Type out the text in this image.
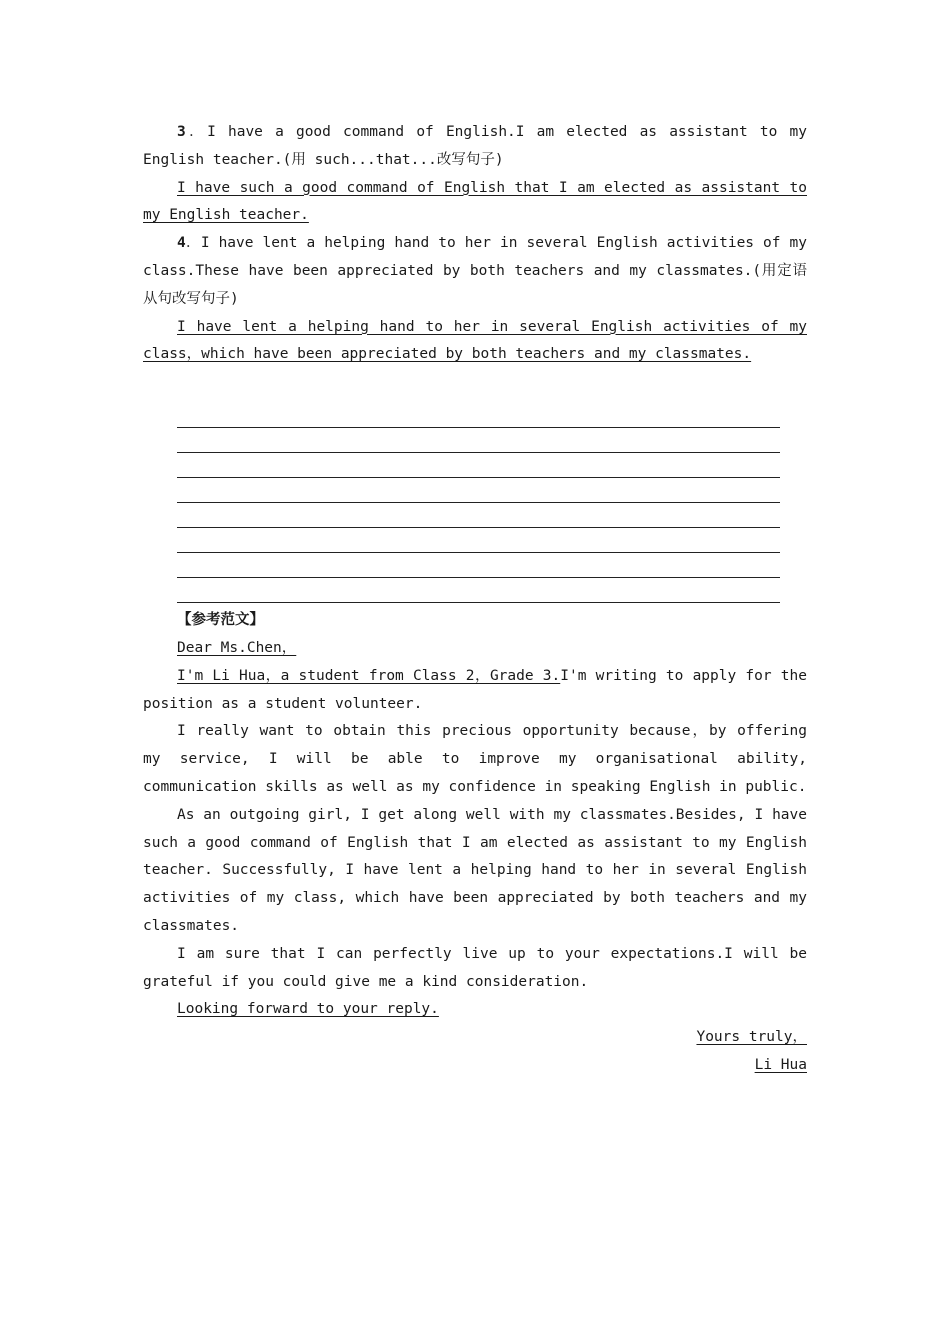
3．I have a good command of English.I am elected as assistant to my English teacher.(用 such...that...改写句子)

I have such a good command of English that I am elected as assistant to my English teacher.

4．I have lent a helping hand to her in several English activities of my class.These have been appreciated by both teachers and my classmates.(用定语从句改写句子)

I have lent a helping hand to her in several English activities of my class，which have been appreciated by both teachers and my classmates.

【参考范文】

Dear Ms.Chen，

I'm Li Hua，a student from Class 2，Grade 3.I'm writing to apply for the position as a student volunteer.

I really want to obtain this precious opportunity because，by offering my service, I will be able to improve my organisational ability, communication skills as well as my confidence in speaking English in public.

As an outgoing girl, I get along well with my classmates.Besides, I have such a good command of English that I am elected as assistant to my English teacher. Successfully, I have lent a helping hand to her in several English activities of my class, which have been appreciated by both teachers and my classmates.

I am sure that I can perfectly live up to your expectations.I will be grateful if you could give me a kind consideration.

Looking forward to your reply.

Yours truly，

Li Hua
